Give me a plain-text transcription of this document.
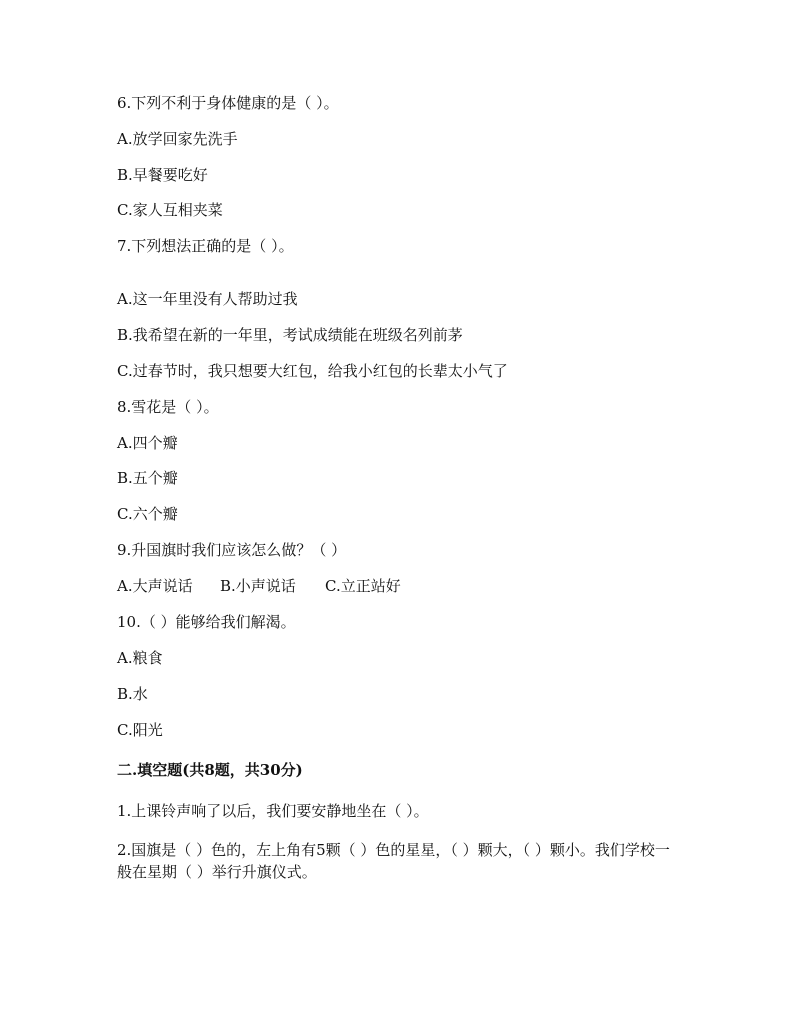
6.下列不利于身体健康的是（ ）。
A.放学回家先洗手
B.早餐要吃好
C.家人互相夹菜
7.下列想法正确的是（ ）。
A.这一年里没有人帮助过我
B.我希望在新的一年里，考试成绩能在班级名列前茅
C.过春节时，我只想要大红包，给我小红包的长辈太小气了
8.雪花是（ ）。
A.四个瓣
B.五个瓣
C.六个瓣
9.升国旗时我们应该怎么做？（ ）
A.大声说话 B.小声说话 C.立正站好
10.（ ）能够给我们解渴。
A.粮食
B.水
C.阳光
二.填空题(共8题，共30分)
1.上课铃声响了以后，我们要安静地坐在（ ）。
2.国旗是（ ）色的，左上角有5颗（ ）色的星星，（ ）颗大，（ ）颗小。我们学校一般在星期（ ）举行升旗仪式。
